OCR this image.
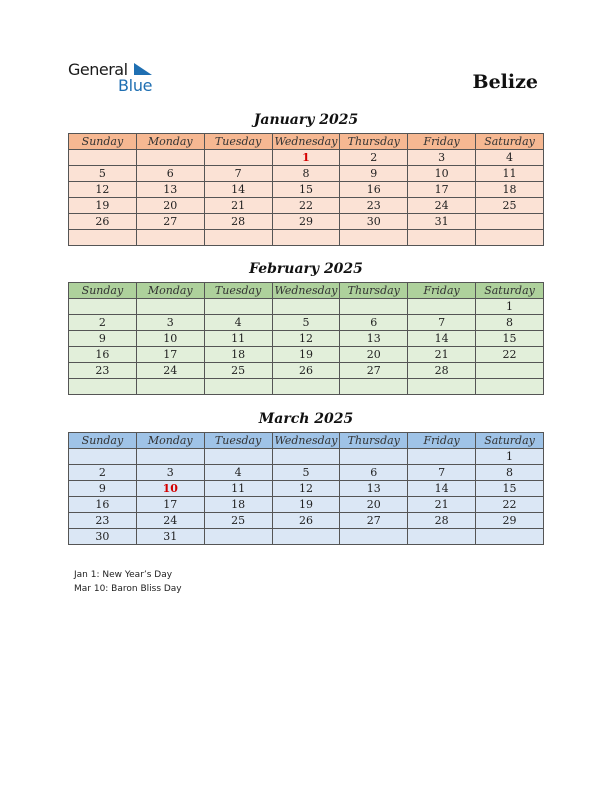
General
Blue	Belize
January 2025
Sunday	Monday	Tuesday	Wednesday	Thursday	Friday	Saturday
			1	2	3	4
5	6	7	8	9	10	11
12	13	14	15	16	17	18
19	20	21	22	23	24	25
26	27	28	29	30	31	

February 2025
Sunday	Monday	Tuesday	Wednesday	Thursday	Friday	Saturday
						1
2	3	4	5	6	7	8
9	10	11	12	13	14	15
16	17	18	19	20	21	22
23	24	25	26	27	28	

March 2025
Sunday	Monday	Tuesday	Wednesday	Thursday	Friday	Saturday
						1
2	3	4	5	6	7	8
9	10	11	12	13	14	15
16	17	18	19	20	21	22
23	24	25	26	27	28	29
30	31					
Jan 1: New Year’s Day
Mar 10: Baron Bliss Day
